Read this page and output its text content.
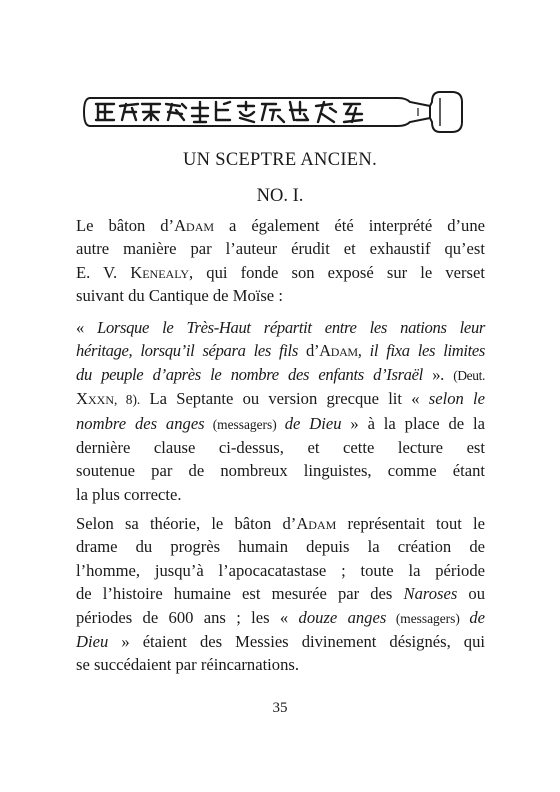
UN SCEPTRE ANCIEN.
NO. I.

Le bâton d’Adam a également été interprété d’une
autre manière par l’auteur érudit et exhaustif qu’est
E. V. Kenealy, qui fonde son exposé sur le verset
suivant du Cantique de Moïse :

« Lorsque le Très-Haut répartit entre les nations leur
héritage, lorsqu’il sépara les fils d’Adam, il fixa les limites
du peuple d’après le nombre des enfants d’Israël ». (Deut.
Xxxn, 8). La Septante ou version grecque lit « selon le
nombre des anges (messagers) de Dieu » à la place de la
dernière clause ci-dessus, et cette lecture est
soutenue par de nombreux linguistes, comme étant
la plus correcte.

Selon sa théorie, le bâton d’Adam représentait tout le
drame du progrès humain depuis la création de
l’homme, jusqu’à l’apocacatastase ; toute la période
de l’histoire humaine est mesurée par des Naroses ou
périodes de 600 ans ; les « douze anges (messagers) de
Dieu » étaient des Messies divinement désignés, qui
se succédaient par réincarnations.

35
